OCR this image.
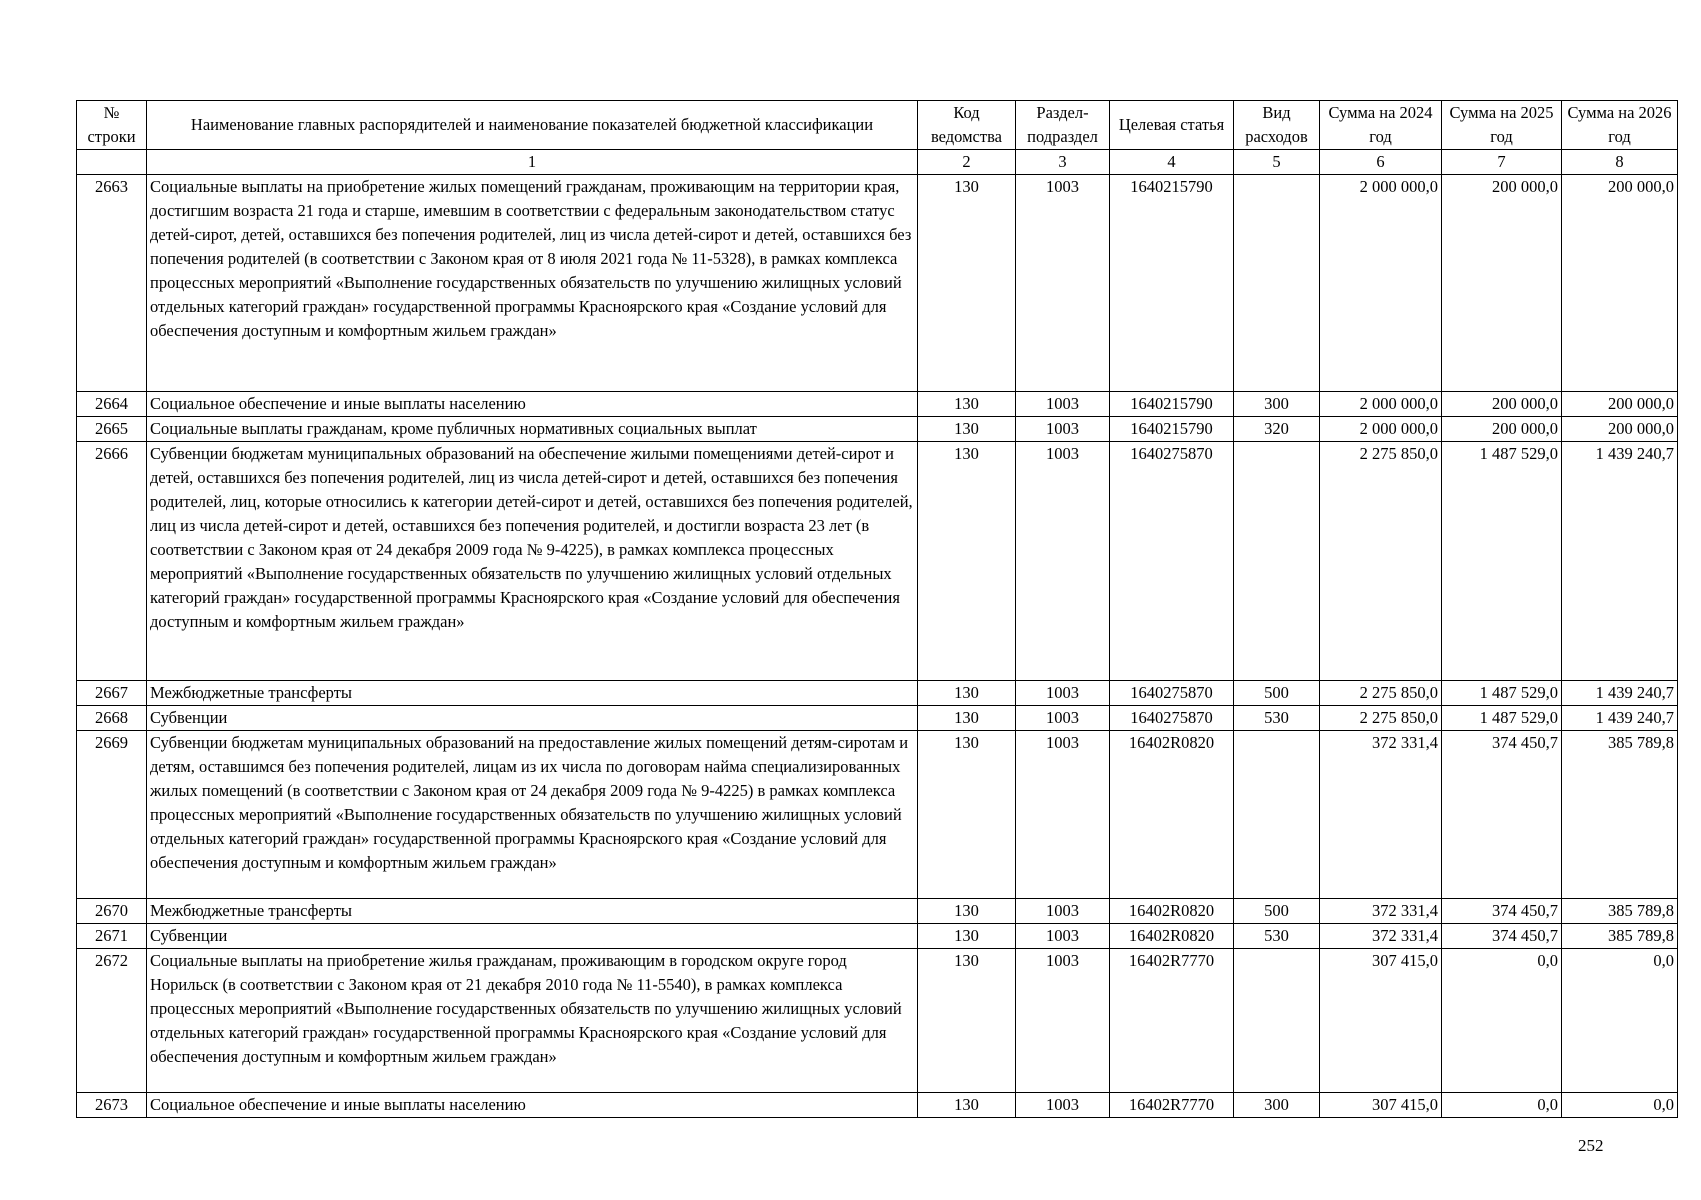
№ строки	Наименование главных распорядителей и наименование показателей бюджетной классификации	Код ведомства	Раздел-подраздел	Целевая статья	Вид расходов	Сумма на 2024 год	Сумма на 2025 год	Сумма на 2026 год
	1	2	3	4	5	6	7	8
2663	Социальные выплаты на приобретение жилых помещений гражданам, проживающим на территории края, достигшим возраста 21 года и старше, имевшим в соответствии с федеральным законодательством статус детей-сирот, детей, оставшихся без попечения родителей, лиц из числа детей-сирот и детей, оставшихся без попечения родителей (в соответствии с Законом края от 8 июля 2021 года № 11-5328), в рамках комплекса процессных мероприятий «Выполнение государственных обязательств по улучшению жилищных условий отдельных категорий граждан» государственной программы Красноярского края «Создание условий для обеспечения доступным и комфортным жильем граждан»	130	1003	1640215790		2 000 000,0	200 000,0	200 000,0
2664	Социальное обеспечение и иные выплаты населению	130	1003	1640215790	300	2 000 000,0	200 000,0	200 000,0
2665	Социальные выплаты гражданам, кроме публичных нормативных социальных выплат	130	1003	1640215790	320	2 000 000,0	200 000,0	200 000,0
2666	Субвенции бюджетам муниципальных образований на обеспечение жилыми помещениями детей-сирот и детей, оставшихся без попечения родителей, лиц из числа детей-сирот и детей, оставшихся без попечения родителей, лиц, которые относились к категории детей-сирот и детей, оставшихся без попечения родителей, лиц из числа детей-сирот и детей, оставшихся без попечения родителей, и достигли возраста 23 лет (в соответствии с Законом края от 24 декабря 2009 года № 9-4225), в рамках комплекса процессных мероприятий «Выполнение государственных обязательств по улучшению жилищных условий отдельных категорий граждан» государственной программы Красноярского края «Создание условий для обеспечения доступным и комфортным жильем граждан»	130	1003	1640275870		2 275 850,0	1 487 529,0	1 439 240,7
2667	Межбюджетные трансферты	130	1003	1640275870	500	2 275 850,0	1 487 529,0	1 439 240,7
2668	Субвенции	130	1003	1640275870	530	2 275 850,0	1 487 529,0	1 439 240,7
2669	Субвенции бюджетам муниципальных образований на предоставление жилых помещений детям-сиротам и детям, оставшимся без попечения родителей, лицам из их числа по договорам найма специализированных жилых помещений (в соответствии с Законом края от 24 декабря 2009 года № 9-4225) в рамках комплекса процессных мероприятий «Выполнение государственных обязательств по улучшению жилищных условий отдельных категорий граждан» государственной программы Красноярского края «Создание условий для обеспечения доступным и комфортным жильем граждан»	130	1003	16402R0820		372 331,4	374 450,7	385 789,8
2670	Межбюджетные трансферты	130	1003	16402R0820	500	372 331,4	374 450,7	385 789,8
2671	Субвенции	130	1003	16402R0820	530	372 331,4	374 450,7	385 789,8
2672	Социальные выплаты на приобретение жилья гражданам, проживающим в городском округе город Норильск (в соответствии с Законом края от 21 декабря 2010 года № 11-5540), в рамках комплекса процессных мероприятий «Выполнение государственных обязательств по улучшению жилищных условий отдельных категорий граждан» государственной программы Красноярского края «Создание условий для обеспечения доступным и комфортным жильем граждан»	130	1003	16402R7770		307 415,0	0,0	0,0
2673	Социальное обеспечение и иные выплаты населению	130	1003	16402R7770	300	307 415,0	0,0	0,0
252
